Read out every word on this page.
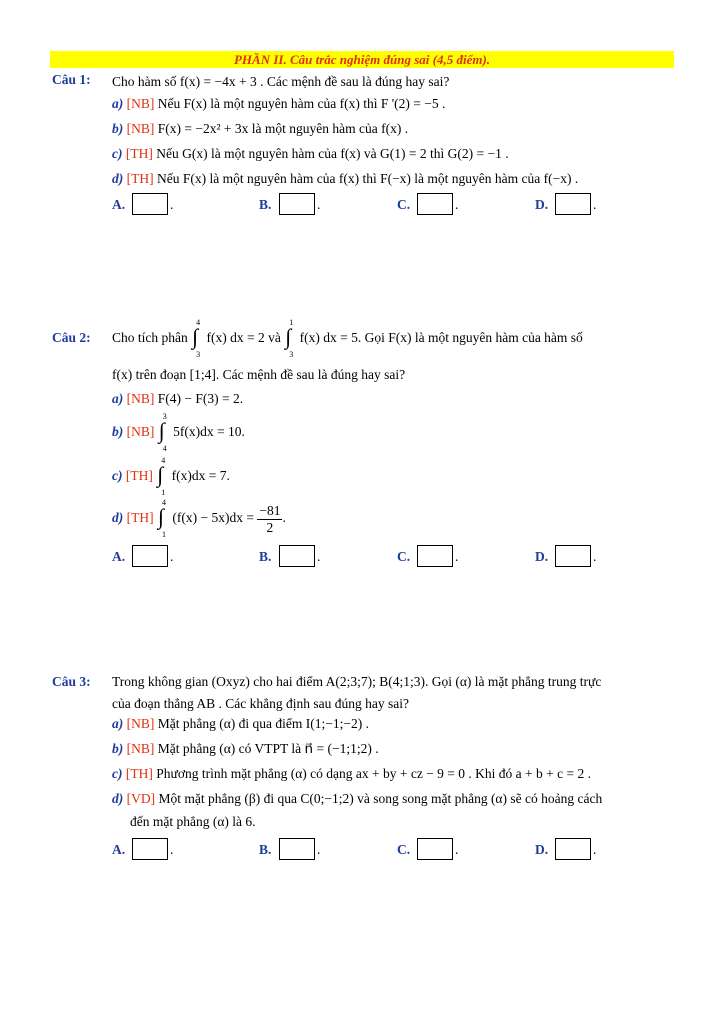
PHẦN II. Câu trắc nghiệm đúng sai (4,5 điểm).
Câu 1: Cho hàm số f(x) = −4x + 3 . Các mệnh đề sau là đúng hay sai?
a) [NB] Nếu F(x) là một nguyên hàm của f(x) thì F '(2) = −5 .
b) [NB] F(x) = −2x² + 3x là một nguyên hàm của f(x) .
c) [TH] Nếu G(x) là một nguyên hàm của f(x) và G(1) = 2 thì G(2) = −1 .
d) [TH] Nếu F(x) là một nguyên hàm của f(x) thì F(−x) là một nguyên hàm của f(−x) .
A.	.	B.	.	C.	.	D.	.
Câu 2: Cho tích phân ∫
4
3
f(x) dx = 2 và ∫
1
3
f(x) dx = 5. Gọi F(x) là một nguyên hàm của hàm số
f(x) trên đoạn [1;4]. Các mệnh đề sau là đúng hay sai?
a) [NB] F(4) − F(3) = 2.
b) [NB] ∫
3
4
5f(x)dx = 10.
c) [TH] ∫
4
1
f(x)dx = 7.
d) [TH] ∫
4
1
$(f(x) - 5x)dx = \frac{-81}{2}$ .
A.	.	B.	.	C.	.	D.	.
Câu 3: Trong không gian (Oxyz) cho hai điểm A(2;3;7); B(4;1;3). Gọi (α) là mặt phẳng trung trực
của đoạn thẳng AB . Các khẳng định sau đúng hay sai?
a) [NB] Mặt phẳng (α) đi qua điểm I(1;−1;−2) .
b) [NB] Mặt phẳng (α) có VTPT là n⃗ = (−1;1;2) .
c) [TH] Phương trình mặt phẳng (α) có dạng ax + by + cz − 9 = 0 . Khi đó a + b + c = 2 .
d) [VD] Một mặt phẳng (β) đi qua C(0;−1;2) và song song mặt phẳng (α) sẽ có hoảng cách
đến mặt phẳng (α) là 6.
A.	.	B.	.	C.	.	D.	.
